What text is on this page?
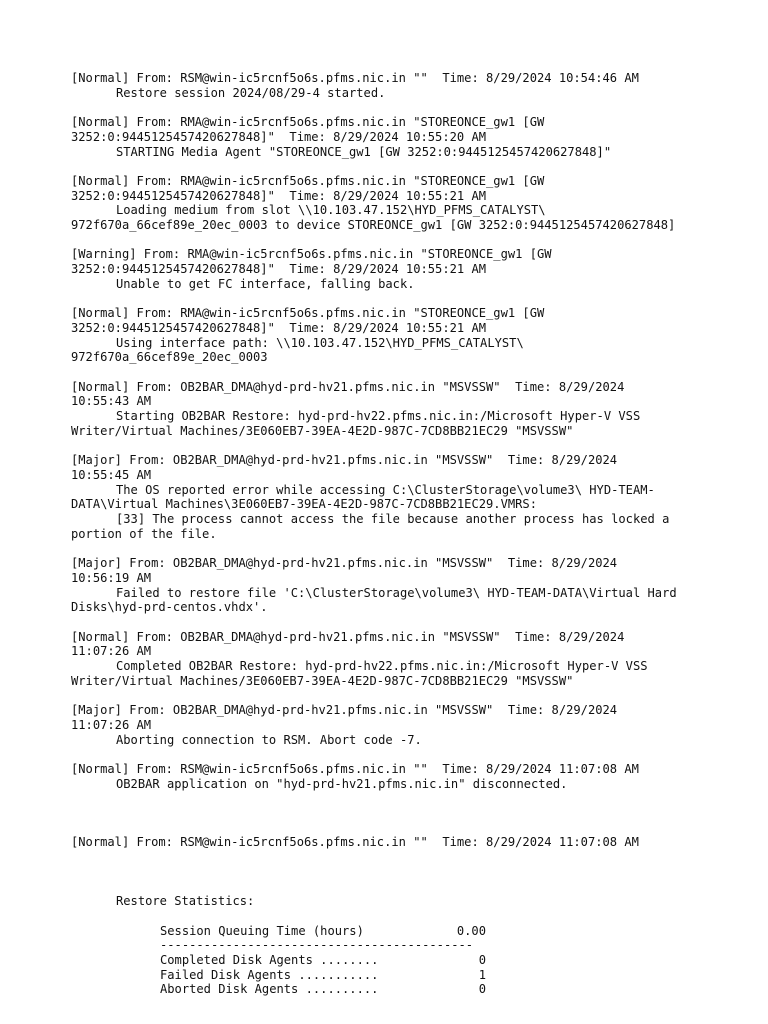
[Normal] From: RSM@win-ic5rcnf5o6s.pfms.nic.in ""  Time: 8/29/2024 10:54:46 AM
Restore session 2024/08/29-4 started.
[Normal] From: RMA@win-ic5rcnf5o6s.pfms.nic.in "STOREONCE_gw1 [GW
3252:0:9445125457420627848]"  Time: 8/29/2024 10:55:20 AM
STARTING Media Agent "STOREONCE_gw1 [GW 3252:0:9445125457420627848]"
[Normal] From: RMA@win-ic5rcnf5o6s.pfms.nic.in "STOREONCE_gw1 [GW
3252:0:9445125457420627848]"  Time: 8/29/2024 10:55:21 AM
Loading medium from slot \\10.103.47.152\HYD_PFMS_CATALYST\
972f670a_66cef89e_20ec_0003 to device STOREONCE_gw1 [GW 3252:0:9445125457420627848]
[Warning] From: RMA@win-ic5rcnf5o6s.pfms.nic.in "STOREONCE_gw1 [GW
3252:0:9445125457420627848]"  Time: 8/29/2024 10:55:21 AM
Unable to get FC interface, falling back.
[Normal] From: RMA@win-ic5rcnf5o6s.pfms.nic.in "STOREONCE_gw1 [GW
3252:0:9445125457420627848]"  Time: 8/29/2024 10:55:21 AM
Using interface path: \\10.103.47.152\HYD_PFMS_CATALYST\
972f670a_66cef89e_20ec_0003
[Normal] From: OB2BAR_DMA@hyd-prd-hv21.pfms.nic.in "MSVSSW"  Time: 8/29/2024
10:55:43 AM
Starting OB2BAR Restore: hyd-prd-hv22.pfms.nic.in:/Microsoft Hyper-V VSS
Writer/Virtual Machines/3E060EB7-39EA-4E2D-987C-7CD8BB21EC29 "MSVSSW"
[Major] From: OB2BAR_DMA@hyd-prd-hv21.pfms.nic.in "MSVSSW"  Time: 8/29/2024
10:55:45 AM
The OS reported error while accessing C:\ClusterStorage\volume3\ HYD-TEAM-
DATA\Virtual Machines\3E060EB7-39EA-4E2D-987C-7CD8BB21EC29.VMRS:
[33] The process cannot access the file because another process has locked a
portion of the file.
[Major] From: OB2BAR_DMA@hyd-prd-hv21.pfms.nic.in "MSVSSW"  Time: 8/29/2024
10:56:19 AM
Failed to restore file 'C:\ClusterStorage\volume3\ HYD-TEAM-DATA\Virtual Hard
Disks\hyd-prd-centos.vhdx'.
[Normal] From: OB2BAR_DMA@hyd-prd-hv21.pfms.nic.in "MSVSSW"  Time: 8/29/2024
11:07:26 AM
Completed OB2BAR Restore: hyd-prd-hv22.pfms.nic.in:/Microsoft Hyper-V VSS
Writer/Virtual Machines/3E060EB7-39EA-4E2D-987C-7CD8BB21EC29 "MSVSSW"
[Major] From: OB2BAR_DMA@hyd-prd-hv21.pfms.nic.in "MSVSSW"  Time: 8/29/2024
11:07:26 AM
Aborting connection to RSM. Abort code -7.
[Normal] From: RSM@win-ic5rcnf5o6s.pfms.nic.in ""  Time: 8/29/2024 11:07:08 AM
OB2BAR application on "hyd-prd-hv21.pfms.nic.in" disconnected.

[Normal] From: RSM@win-ic5rcnf5o6s.pfms.nic.in ""  Time: 8/29/2024 11:07:08 AM

Restore Statistics:
Session Queuing Time (hours)	0.00
-------------------------------------------
Completed Disk Agents ........	0
Failed Disk Agents ...........	1
Aborted Disk Agents ..........	0
